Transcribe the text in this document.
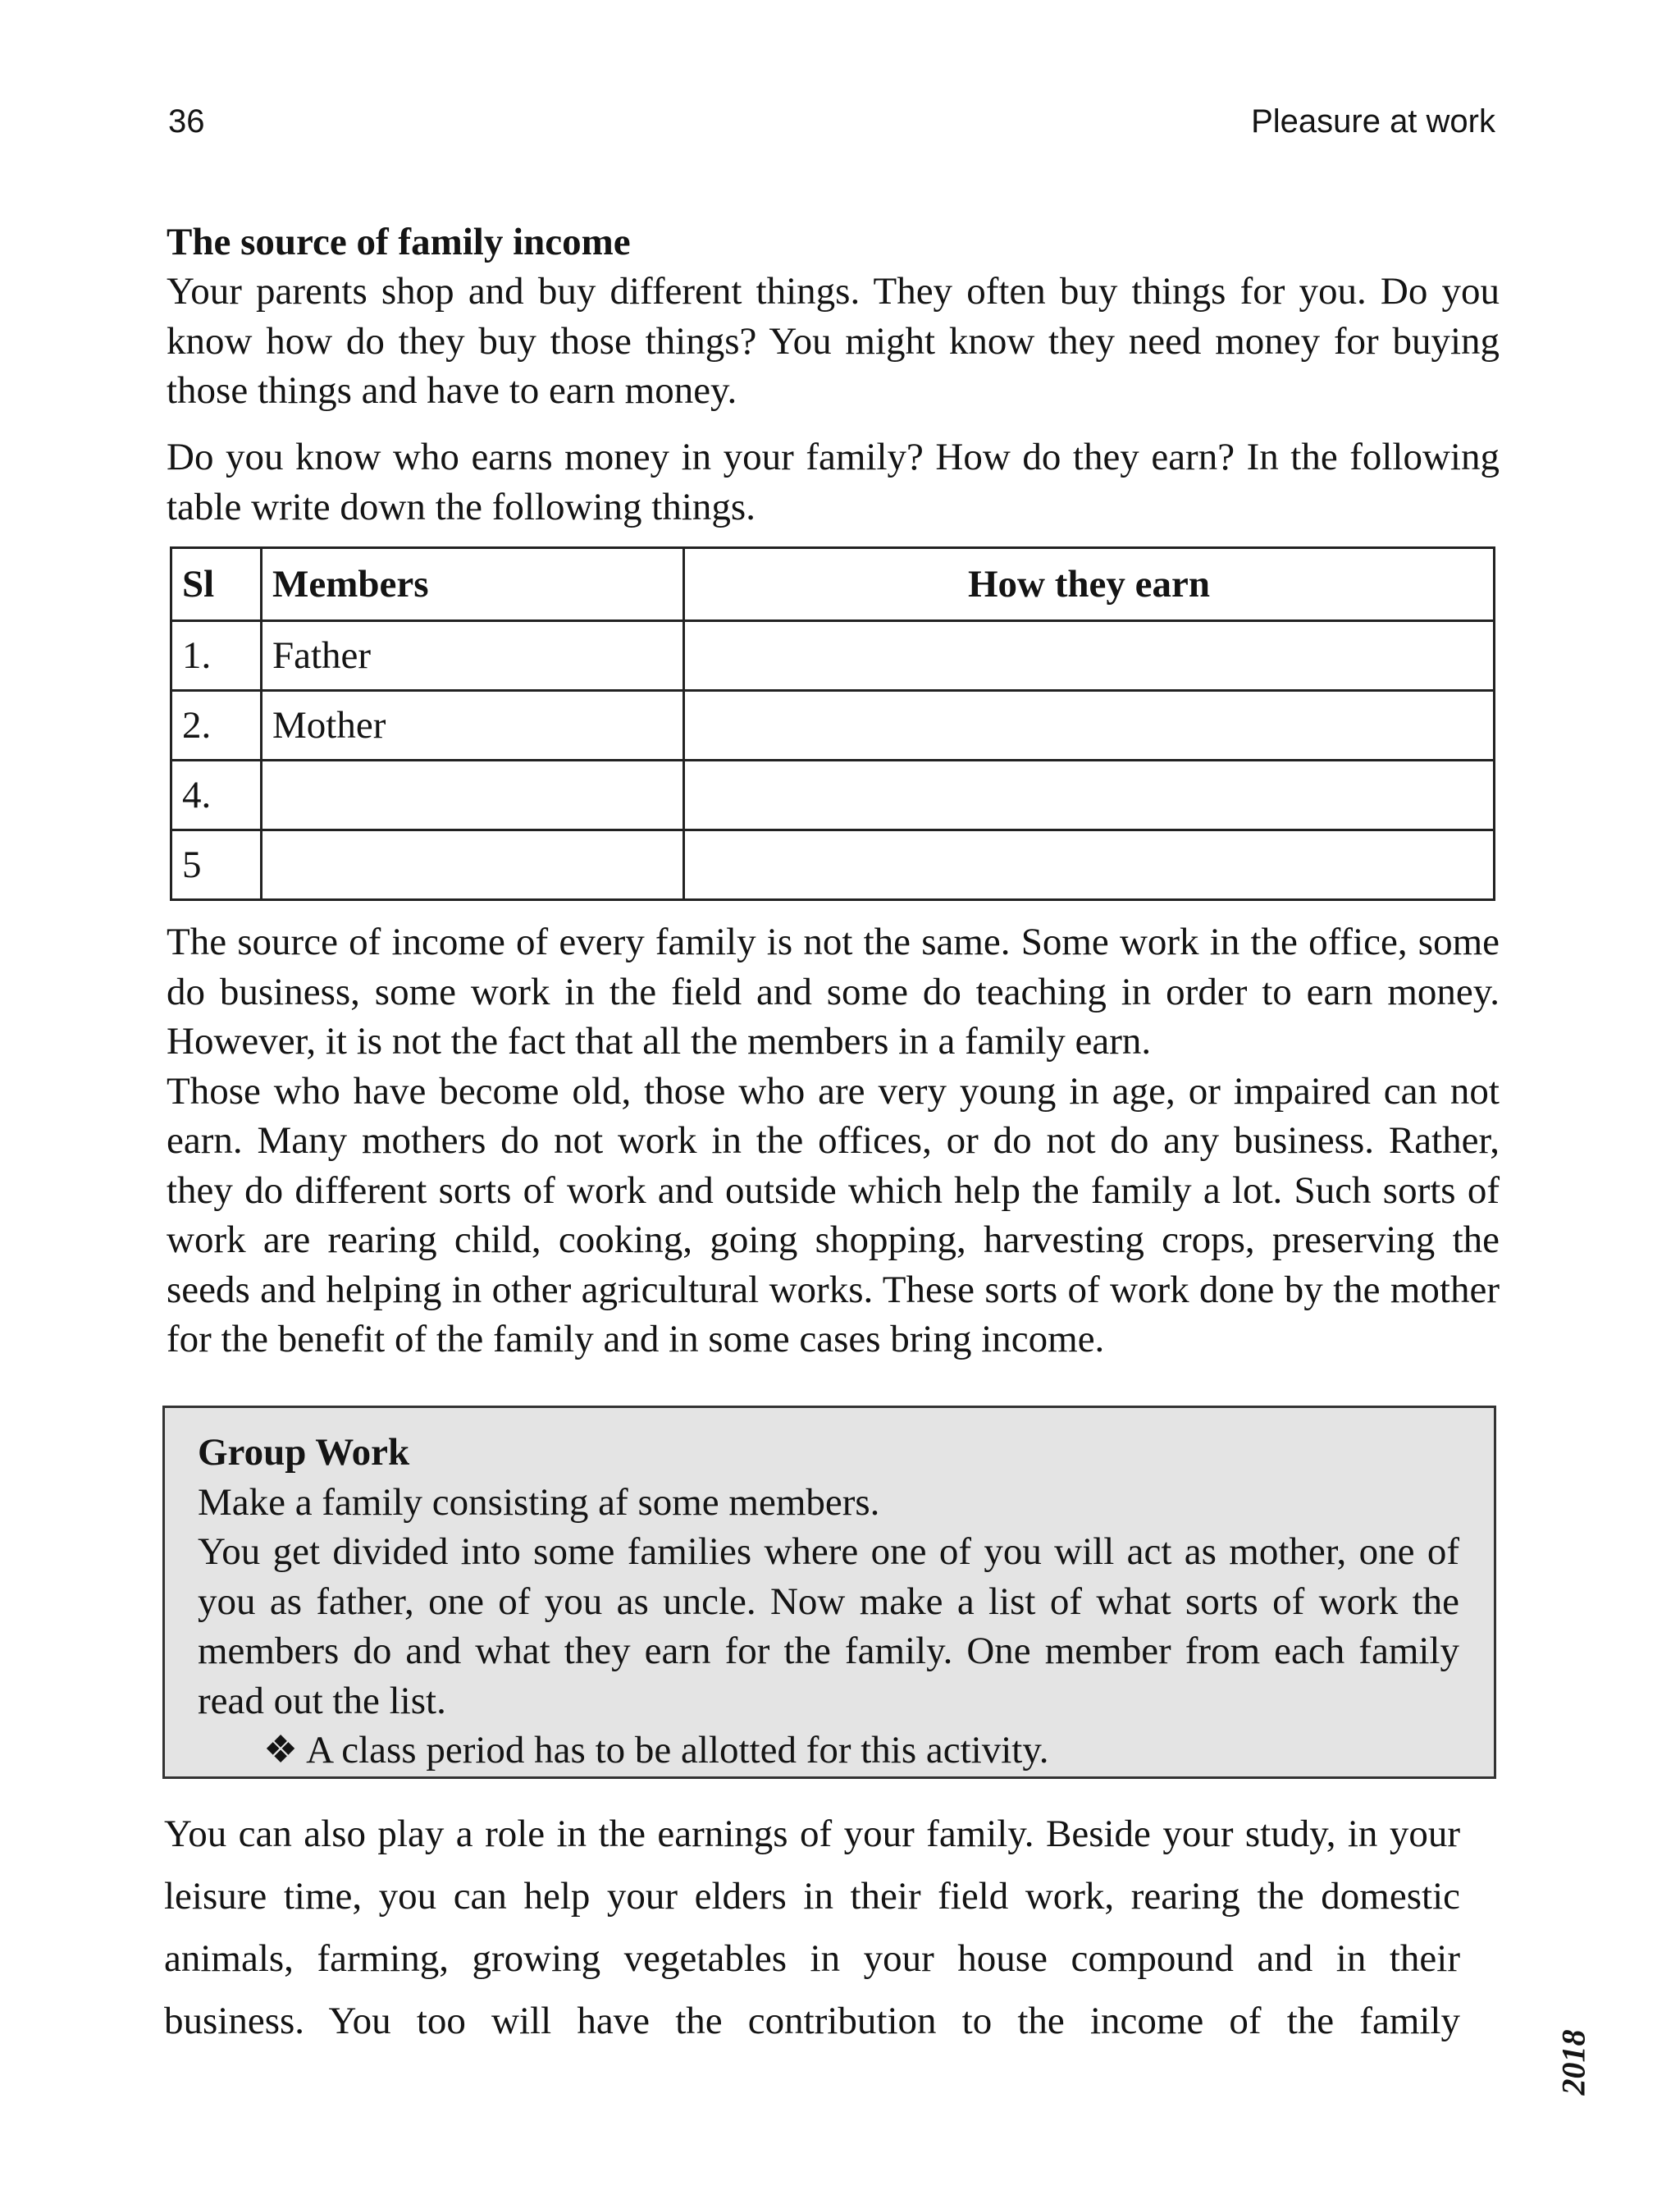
36	Pleasure at work
The source of family income
Your parents shop and buy different things. They often buy things for you. Do you know how do they buy those things? You might know they need money for buying those things and have to earn money.
Do you know who earns money in your family? How do they earn? In the following table write down the following things.
Sl	Members	How they earn
1.	Father	
2.	Mother	
4.		
5		
The source of income of every family is not the same. Some work in the office, some do business, some work in the field and some do teaching in order to earn money. However, it is not the fact that all the members in a family earn.
Those who have become old, those who are very young in age, or impaired can not earn. Many mothers do not work in the offices, or do not do any business. Rather, they do different sorts of work and outside which help the family a lot. Such sorts of work are rearing child, cooking, going shopping, harvesting crops, preserving the seeds and helping in other agricultural works. These sorts of work done by the mother for the benefit of the family and in some cases bring income.
Group Work
Make a family consisting af some members.
You get divided into some families where one of you will act as mother, one of you as father, one of you as uncle. Now make a list of what sorts of work the members do and what they earn for the family. One member from each family read out the list.
❖ A class period has to be allotted for this activity.
You can also play a role in the earnings of your family. Beside your study, in your leisure time, you can help your elders in their field work, rearing the domestic animals, farming, growing vegetables in your house compound and in their business. You too will have the contribution to the income of the family
2018
